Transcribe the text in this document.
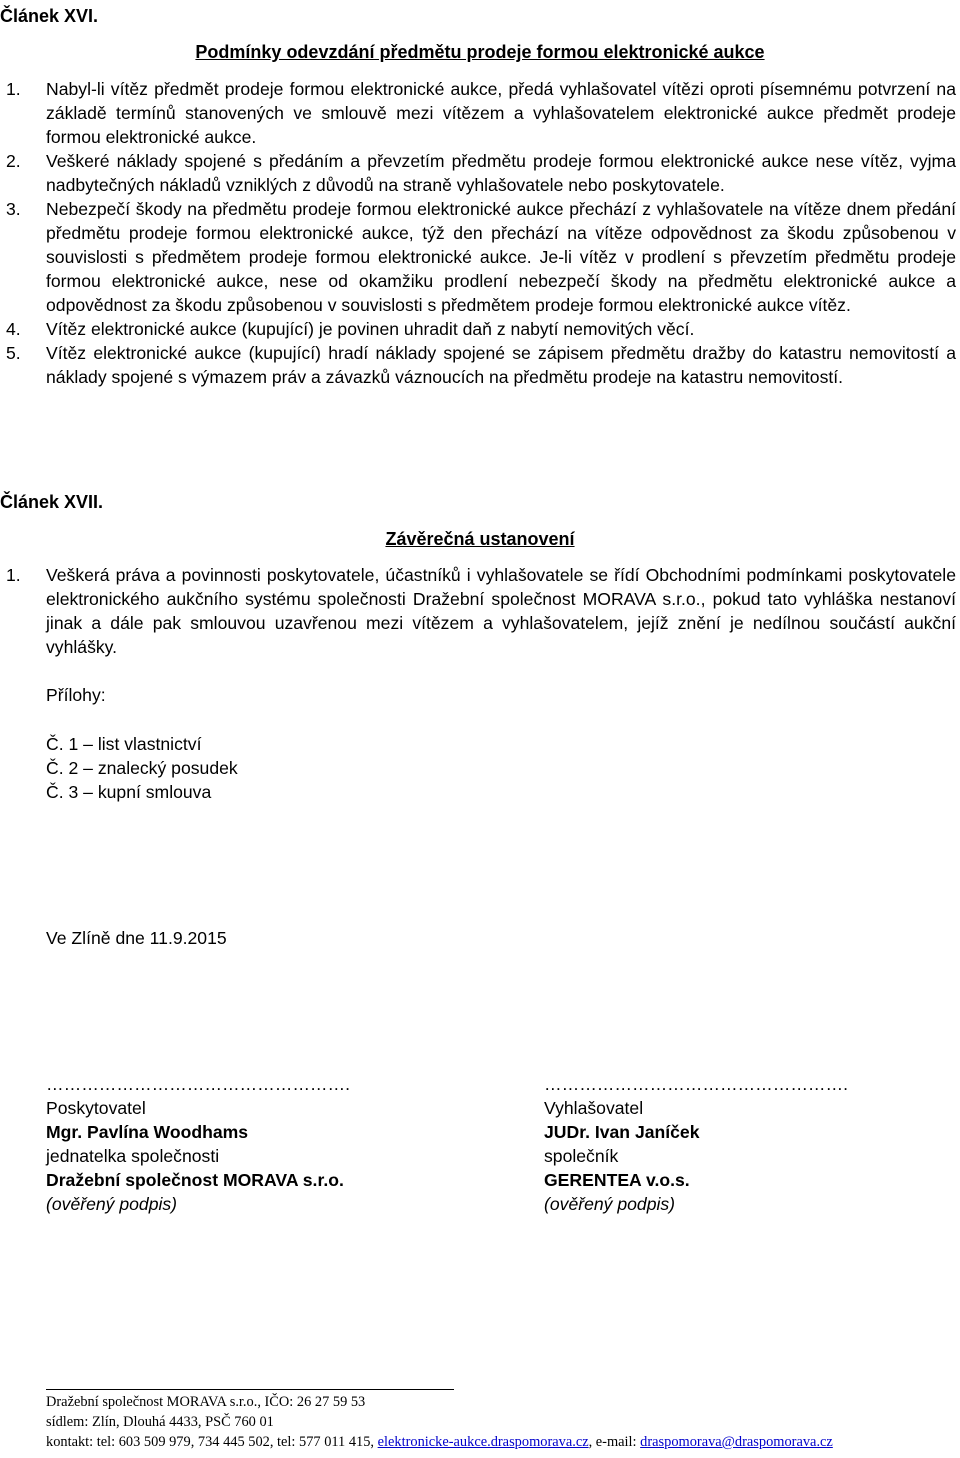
Článek XVI.
Podmínky odevzdání předmětu prodeje formou elektronické aukce
1. Nabyl-li vítěz předmět prodeje formou elektronické aukce, předá vyhlašovatel vítězi oproti písemnému potvrzení na základě termínů stanovených ve smlouvě mezi vítězem a vyhlašovatelem elektronické aukce předmět prodeje formou elektronické aukce.
2. Veškeré náklady spojené s předáním a převzetím předmětu prodeje formou elektronické aukce nese vítěz, vyjma nadbytečných nákladů vzniklých z důvodů na straně vyhlašovatele nebo poskytovatele.
3. Nebezpečí škody na předmětu prodeje formou elektronické aukce přechází z vyhlašovatele na vítěze dnem předání předmětu prodeje formou elektronické aukce, týž den přechází na vítěze odpovědnost za škodu způsobenou v souvislosti s předmětem prodeje formou elektronické aukce. Je-li vítěz v prodlení s převzetím předmětu prodeje formou elektronické aukce, nese od okamžiku prodlení nebezpečí škody na předmětu elektronické aukce a odpovědnost za škodu způsobenou v souvislosti s předmětem prodeje formou elektronické aukce vítěz.
4. Vítěz elektronické aukce (kupující) je povinen uhradit daň z nabytí nemovitých věcí.
5. Vítěz elektronické aukce (kupující) hradí náklady spojené se zápisem předmětu dražby do katastru nemovitostí a náklady spojené s výmazem práv a závazků váznoucích na předmětu prodeje na katastru nemovitostí.
Článek XVII.
Závěrečná ustanovení
1. Veškerá práva a povinnosti poskytovatele, účastníků i vyhlašovatele se řídí Obchodními podmínkami poskytovatele elektronického aukčního systému společnosti Dražební společnost MORAVA s.r.o., pokud tato vyhláška nestanoví jinak a dále pak smlouvou uzavřenou mezi vítězem a vyhlašovatelem, jejíž znění je nedílnou součástí aukční vyhlášky.
Přílohy:
Č. 1 – list vlastnictví
Č. 2 – znalecký posudek
Č. 3 – kupní smlouva
Ve Zlíně dne 11.9.2015
…………………………………………….
Poskytovatel
Mgr. Pavlína Woodhams
jednatelka společnosti
Dražební společnost MORAVA s.r.o.
(ověřený podpis)
…………………………………………….
Vyhlašovatel
JUDr. Ivan Janíček
společník
GERENTEA v.o.s.
(ověřený podpis)
Dražební společnost MORAVA s.r.o., IČO: 26 27 59 53
sídlem: Zlín, Dlouhá 4433, PSČ 760 01
kontakt: tel: 603 509 979, 734 445 502, tel: 577 011 415, elektronicke-aukce.draspomorava.cz, e-mail: draspomorava@draspomorava.cz
